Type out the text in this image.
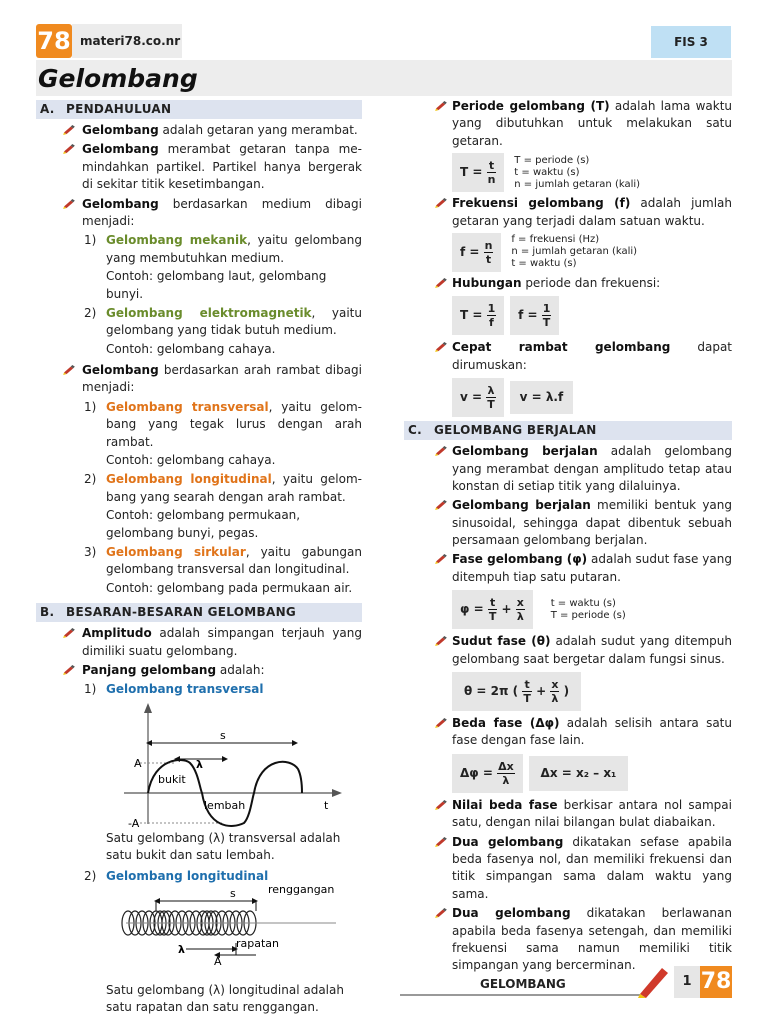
78 materi78.co.nr	FIS 3
Gelombang
A. PENDAHULUAN
Gelombang adalah getaran yang merambat.
Gelombang merambat getaran tanpa me-mindahkan partikel. Partikel hanya bergerak di sekitar titik kesetimbangan.
Gelombang berdasarkan medium dibagi menjadi:
1) Gelombang mekanik, yaitu gelombang yang membutuhkan medium.
Contoh: gelombang laut, gelombang bunyi.
2) Gelombang elektromagnetik, yaitu gelombang yang tidak butuh medium.
Contoh: gelombang cahaya.
Gelombang berdasarkan arah rambat dibagi menjadi:
1) Gelombang transversal, yaitu gelom-bang yang tegak lurus dengan arah rambat.
Contoh: gelombang cahaya.
2) Gelombang longitudinal, yaitu gelom-bang yang searah dengan arah rambat.
Contoh: gelombang permukaan, gelombang bunyi, pegas.
3) Gelombang sirkular, yaitu gabungan gelombang transversal dan longitudinal.
Contoh: gelombang pada permukaan air.
B. BESARAN-BESARAN GELOMBANG
Amplitudo adalah simpangan terjauh yang dimiliki suatu gelombang.
Panjang gelombang adalah:
1) Gelombang transversal
s
A
-A
λ
bukit
lembah	t
Satu gelombang (λ) transversal adalah satu bukit dan satu lembah.
2) Gelombang longitudinal
s	renggangan
rapatan
λ
A
Satu gelombang (λ) longitudinal adalah satu rapatan dan satu renggangan.
Periode gelombang (T) adalah lama waktu yang dibutuhkan untuk melakukan satu getaran.
$T = \frac{t}{n}$
T = periode (s)
t = waktu (s)
n = jumlah getaran (kali)
Frekuensi gelombang (f) adalah jumlah getaran yang terjadi dalam satuan waktu.
$f = \frac{n}{t}$
f = frekuensi (Hz)
n = jumlah getaran (kali)
t = waktu (s)
Hubungan periode dan frekuensi:
$T = \frac{1}{f}$ $f = \frac{1}{T}$
Cepat rambat gelombang dapat dirumuskan:
$v = \frac{\lambda}{T}$ v = λ.f
C. GELOMBANG BERJALAN
Gelombang berjalan adalah gelombang yang merambat dengan amplitudo tetap atau konstan di setiap titik yang dilaluinya.
Gelombang berjalan memiliki bentuk yang sinusoidal, sehingga dapat dibentuk sebuah persamaan gelombang berjalan.
Fase gelombang (φ) adalah sudut fase yang ditempuh tiap satu putaran.
$\varphi = \frac{t}{T} + \frac{x}{\lambda}$
	t = waktu (s)
T = periode (s)
Sudut fase (θ) adalah sudut yang ditempuh gelombang saat bergetar dalam fungsi sinus.
θ = 2π ( $\frac{t}{T} + \frac{x}{\lambda}$ )
Beda fase (Δφ) adalah selisih antara satu fase dengan fase lain.
$\Delta\varphi = \frac{\Delta x}{\lambda}$ Δx = x₂ – x₁
Nilai beda fase berkisar antara nol sampai satu, dengan nilai bilangan bulat diabaikan.
Dua gelombang dikatakan sefase apabila beda fasenya nol, dan memiliki frekuensi dan titik simpangan sama dalam waktu yang sama.
Dua gelombang dikatakan berlawanan apabila beda fasenya setengah, dan memiliki frekuensi sama namun memiliki titik simpangan yang bercerminan.
GELOMBANG	1 78
